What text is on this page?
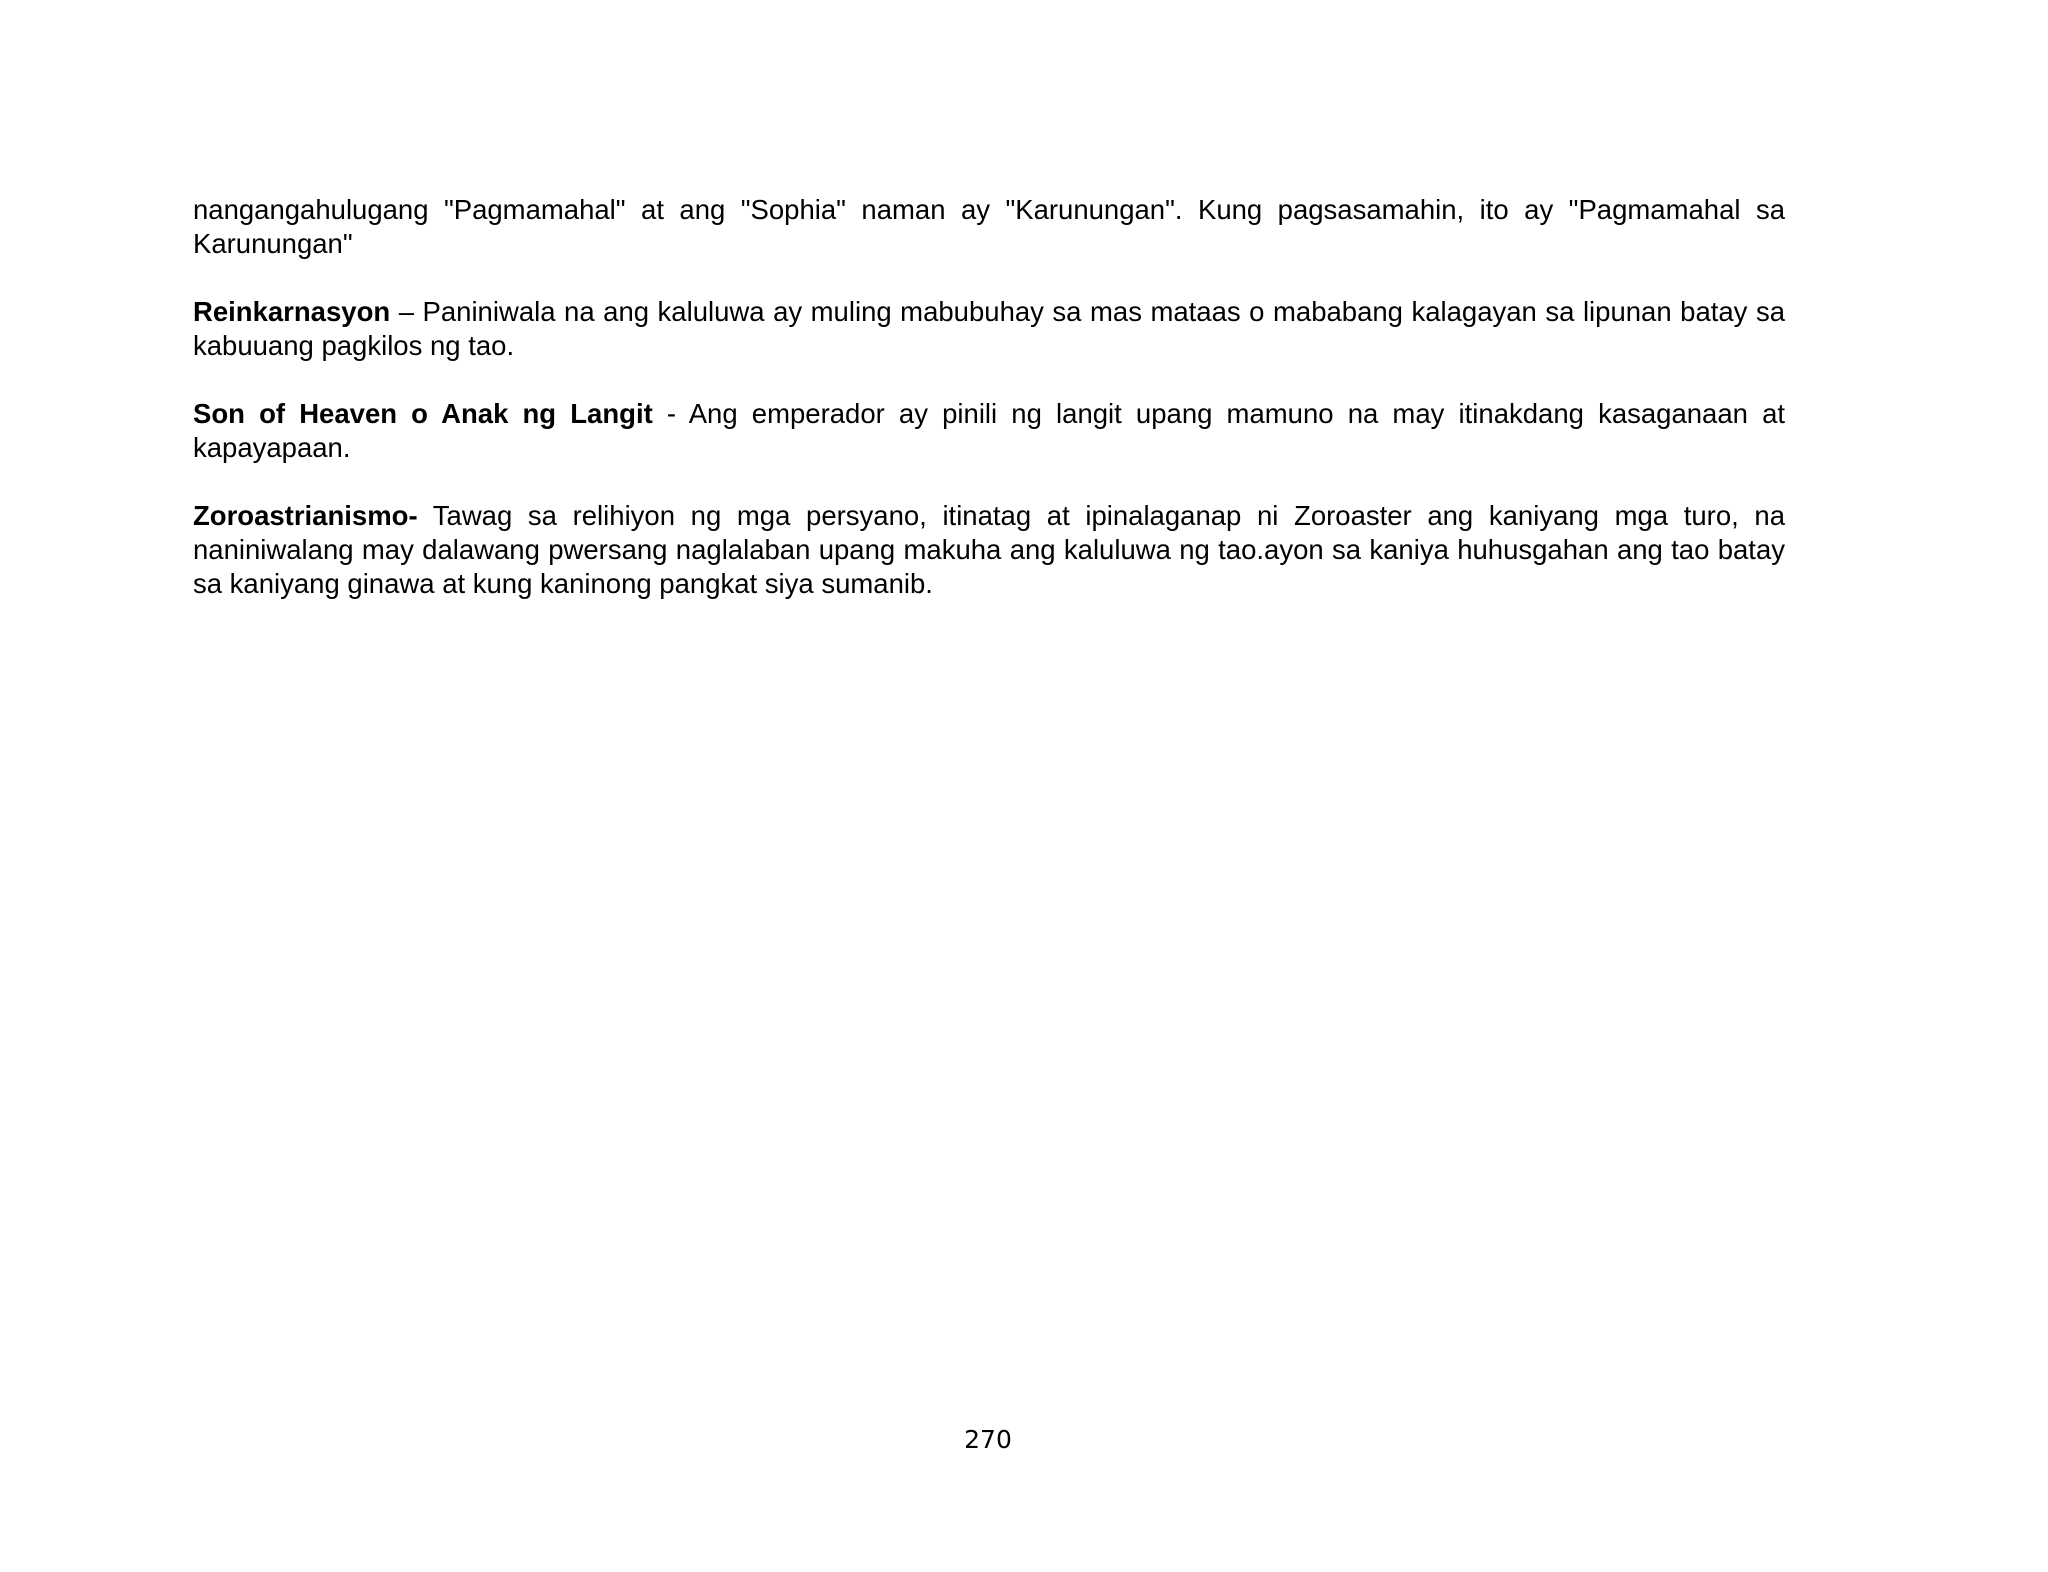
nangangahulugang "Pagmamahal" at ang "Sophia" naman ay "Karunungan". Kung pagsasamahin, ito ay "Pagmamahal sa Karunungan"

Reinkarnasyon – Paniniwala na ang kaluluwa ay muling mabubuhay sa mas mataas o mababang kalagayan sa lipunan batay sa kabuuang pagkilos ng tao.

Son of Heaven o Anak ng Langit - Ang emperador ay pinili ng langit upang mamuno na may itinakdang kasaganaan at kapayapaan.

Zoroastrianismo- Tawag sa relihiyon ng mga persyano, itinatag at ipinalaganap ni Zoroaster ang kaniyang mga turo, na naniniwalang may dalawang pwersang naglalaban upang makuha ang kaluluwa ng tao.ayon sa kaniya huhusgahan ang tao batay sa kaniyang ginawa at kung kaninong pangkat siya sumanib.

270
